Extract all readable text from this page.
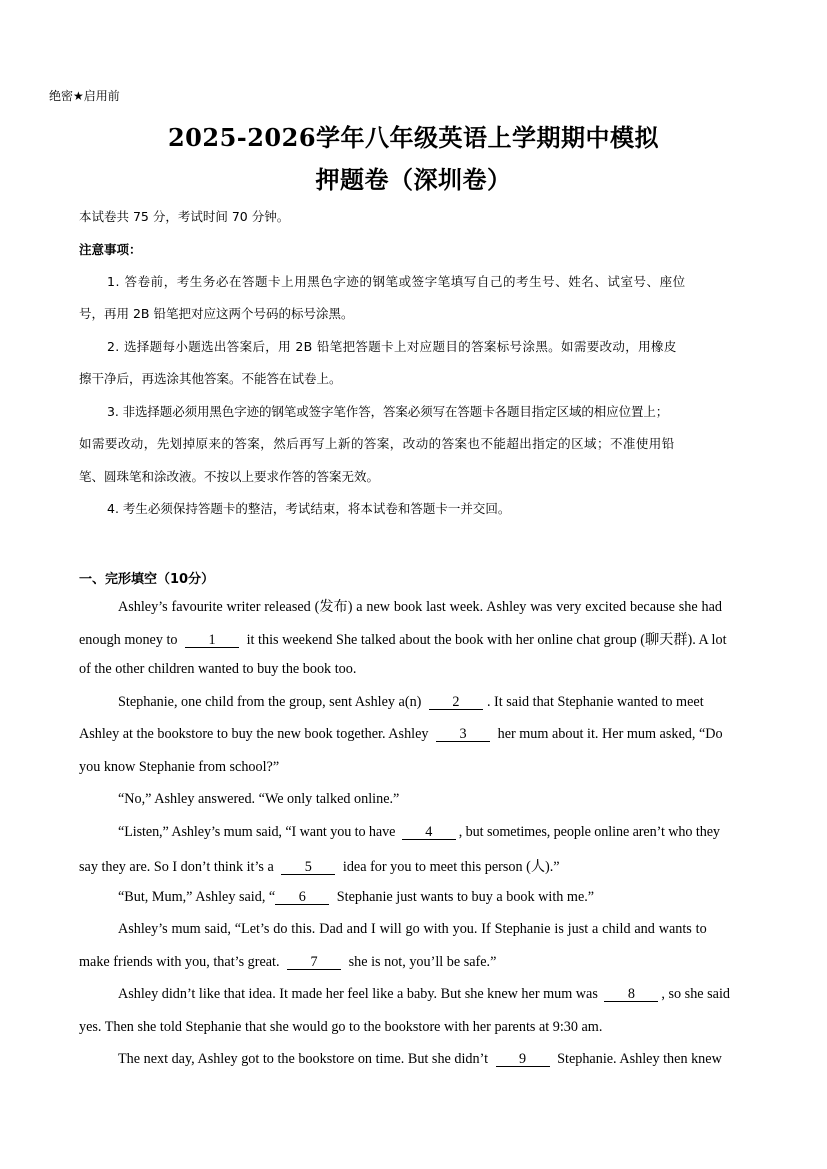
绝密★启用前
2025-2026学年八年级英语上学期期中模拟
押题卷（深圳卷）
本试卷共 75 分，考试时间 70 分钟。
注意事项：
1. 答卷前，考生务必在答题卡上用黑色字迹的钢笔或签字笔填写自己的考生号、姓名、试室号、座位
号，再用 2B 铅笔把对应这两个号码的标号涂黑。
2. 选择题每小题选出答案后，用 2B 铅笔把答题卡上对应题目的答案标号涂黑。如需要改动，用橡皮
擦干净后，再选涂其他答案。不能答在试卷上。
3. 非选择题必须用黑色字迹的钢笔或签字笔作答，答案必须写在答题卡各题目指定区域的相应位置上；
如需要改动，先划掉原来的答案，然后再写上新的答案，改动的答案也不能超出指定的区域；不准使用铅
笔、圆珠笔和涂改液。不按以上要求作答的答案无效。
4. 考生必须保持答题卡的整洁，考试结束，将本试卷和答题卡一并交回。
一、完形填空（10分）
Ashley’s favourite writer released (发布) a new book last week. Ashley was very excited because she had
enough money to 1 it this weekend She talked about the book with her online chat group (聊天群). A lot
of the other children wanted to buy the book too.
Stephanie, one child from the group, sent Ashley a(n) 2 . It said that Stephanie wanted to meet
Ashley at the bookstore to buy the new book together. Ashley 3 her mum about it. Her mum asked, “Do
you know Stephanie from school?”
“No,” Ashley answered. “We only talked online.”
“Listen,” Ashley’s mum said, “I want you to have 4 , but sometimes, people online aren’t who they
say they are. So I don’t think it’s a 5 idea for you to meet this person (人).”
“But, Mum,” Ashley said, “ 6 Stephanie just wants to buy a book with me.”
Ashley’s mum said, “Let’s do this. Dad and I will go with you. If Stephanie is just a child and wants to
make friends with you, that’s great. 7 she is not, you’ll be safe.”
Ashley didn’t like that idea. It made her feel like a baby. But she knew her mum was 8 , so she said
yes. Then she told Stephanie that she would go to the bookstore with her parents at 9:30 am.
The next day, Ashley got to the bookstore on time. But she didn’t 9 Stephanie. Ashley then knew
